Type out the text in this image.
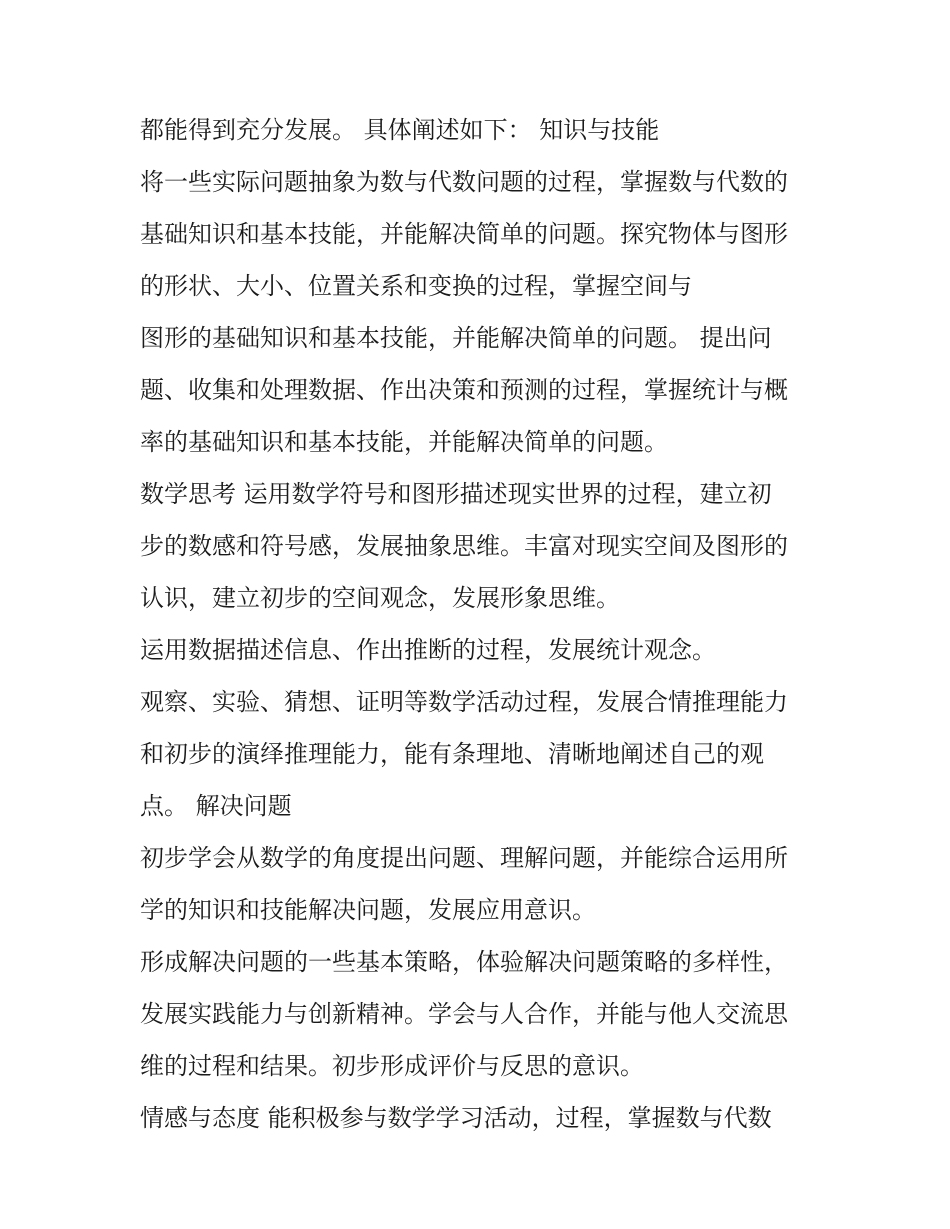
都能得到充分发展。 具体阐述如下： 知识与技能
将一些实际问题抽象为数与代数问题的过程，掌握数与代数的
基础知识和基本技能，并能解决简单的问题。探究物体与图形
的形状、大小、位置关系和变换的过程，掌握空间与
图形的基础知识和基本技能，并能解决简单的问题。 提出问
题、收集和处理数据、作出决策和预测的过程，掌握统计与概
率的基础知识和基本技能，并能解决简单的问题。
数学思考 运用数学符号和图形描述现实世界的过程，建立初
步的数感和符号感，发展抽象思维。丰富对现实空间及图形的
认识，建立初步的空间观念，发展形象思维。
运用数据描述信息、作出推断的过程，发展统计观念。
观察、实验、猜想、证明等数学活动过程，发展合情推理能力
和初步的演绎推理能力，能有条理地、清晰地阐述自己的观
点。 解决问题
初步学会从数学的角度提出问题、理解问题，并能综合运用所
学的知识和技能解决问题，发展应用意识。
形成解决问题的一些基本策略，体验解决问题策略的多样性，
发展实践能力与创新精神。学会与人合作，并能与他人交流思
维的过程和结果。初步形成评价与反思的意识。
情感与态度 能积极参与数学学习活动，过程，掌握数与代数
